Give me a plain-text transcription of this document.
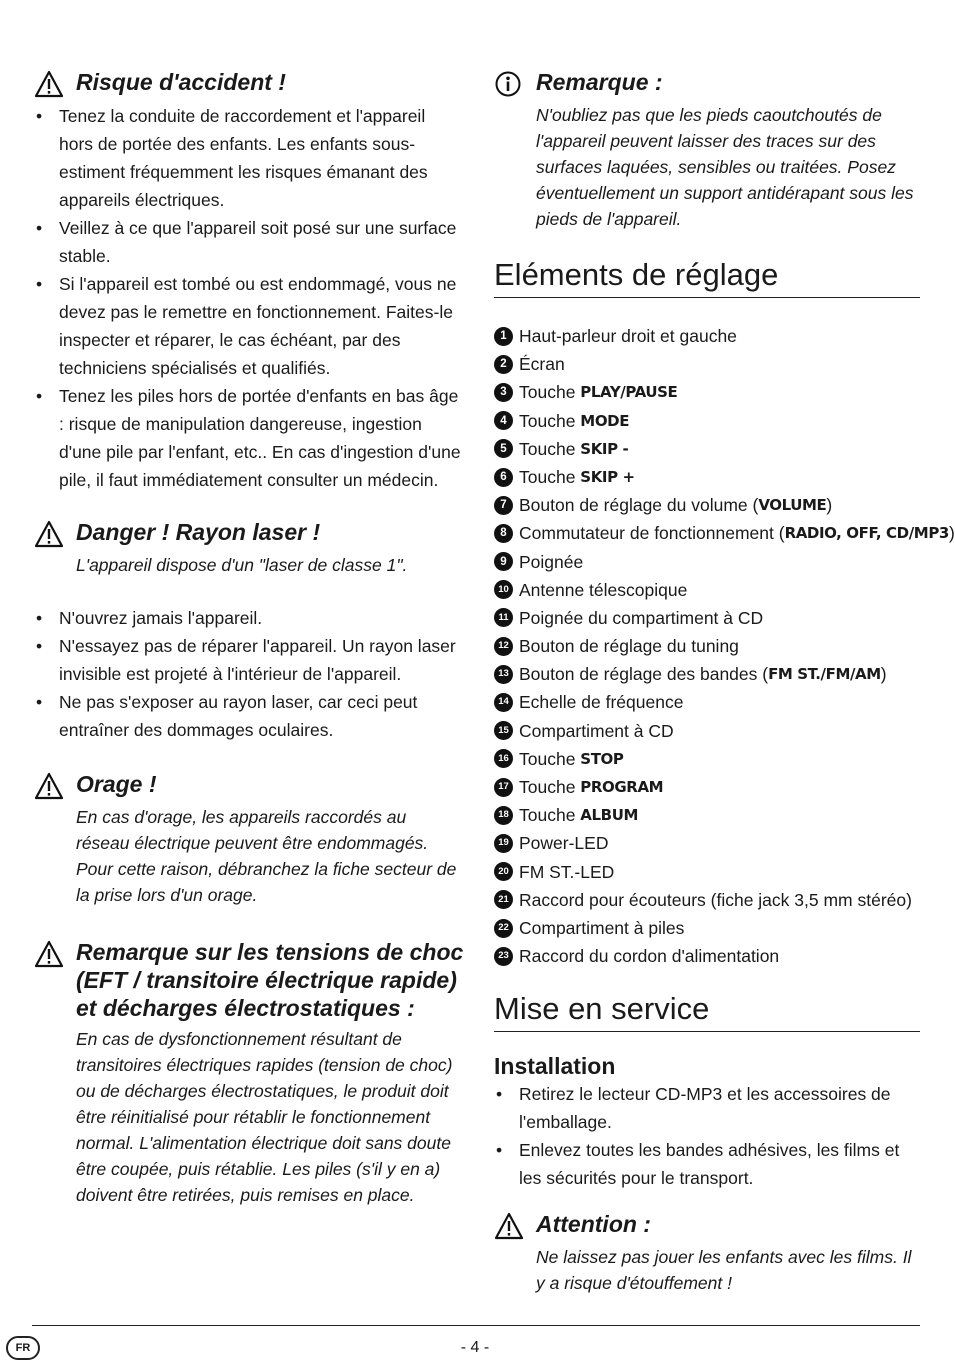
Risque d'accident !
• Tenez la conduite de raccordement et l'appareil hors de portée des enfants. Les enfants sous-estiment fréquemment les risques émanant des appareils électriques.
• Veillez à ce que l'appareil soit posé sur une surface stable.
• Si l'appareil est tombé ou est endommagé, vous ne devez pas le remettre en fonctionnement. Faites-le inspecter et réparer, le cas échéant, par des techniciens spécialisés et qualifiés.
• Tenez les piles hors de portée d'enfants en bas âge : risque de manipulation dangereuse, ingestion d'une pile par l'enfant, etc.. En cas d'ingestion d'une pile, il faut immédiatement consulter un médecin.
Danger ! Rayon laser !

L'appareil dispose d'un "laser de classe 1".

• N'ouvrez jamais l'appareil.
• N'essayez pas de réparer l'appareil. Un rayon laser invisible est projeté à l'intérieur de l'appareil.
• Ne pas s'exposer au rayon laser, car ceci peut entraîner des dommages oculaires.
Orage !

En cas d'orage, les appareils raccordés au réseau électrique peuvent être endommagés. Pour cette raison, débranchez la fiche secteur de la prise lors d'un orage.

Remarque sur les tensions de choc (EFT / transitoire électrique rapide) et décharges électrostatiques :

En cas de dysfonctionnement résultant de transitoires électriques rapides (tension de choc) ou de décharges électrostatiques, le produit doit être réinitialisé pour rétablir le fonctionnement normal. L'alimentation électrique doit sans doute être coupée, puis rétablie. Les piles (s'il y en a) doivent être retirées, puis remises en place.

Remarque :

N'oubliez pas que les pieds caoutchoutés de l'appareil peuvent laisser des traces sur des surfaces laquées, sensibles ou traitées. Posez éventuellement un support antidérapant sous les pieds de l'appareil.

Eléments de réglage
1 Haut-parleur droit et gauche
2 Écran
3 Touche PLAY/PAUSE
4 Touche MODE
5 Touche SKIP -
6 Touche SKIP +
7 Bouton de réglage du volume ( VOLUME )
8 Commutateur de fonctionnement ( RADIO, OFF, CD/MP3 )
9 Poignée
10 Antenne télescopique
11 Poignée du compartiment à CD
12 Bouton de réglage du tuning
13 Bouton de réglage des bandes ( FM ST./FM/AM )
14 Echelle de fréquence
15 Compartiment à CD
16 Touche STOP
17 Touche PROGRAM
18 Touche ALBUM
19 Power-LED
20 FM ST.-LED
21 Raccord pour écouteurs (fiche jack 3,5 mm stéréo)
22 Compartiment à piles
23 Raccord du cordon d'alimentation
Mise en service
Installation
• Retirez le lecteur CD-MP3 et les accessoires de l'emballage.
• Enlevez toutes les bandes adhésives, les films et les sécurités pour le transport.
Attention :

Ne laissez pas jouer les enfants avec les films. Il y a risque d'étouffement !

FR	- 4 -
